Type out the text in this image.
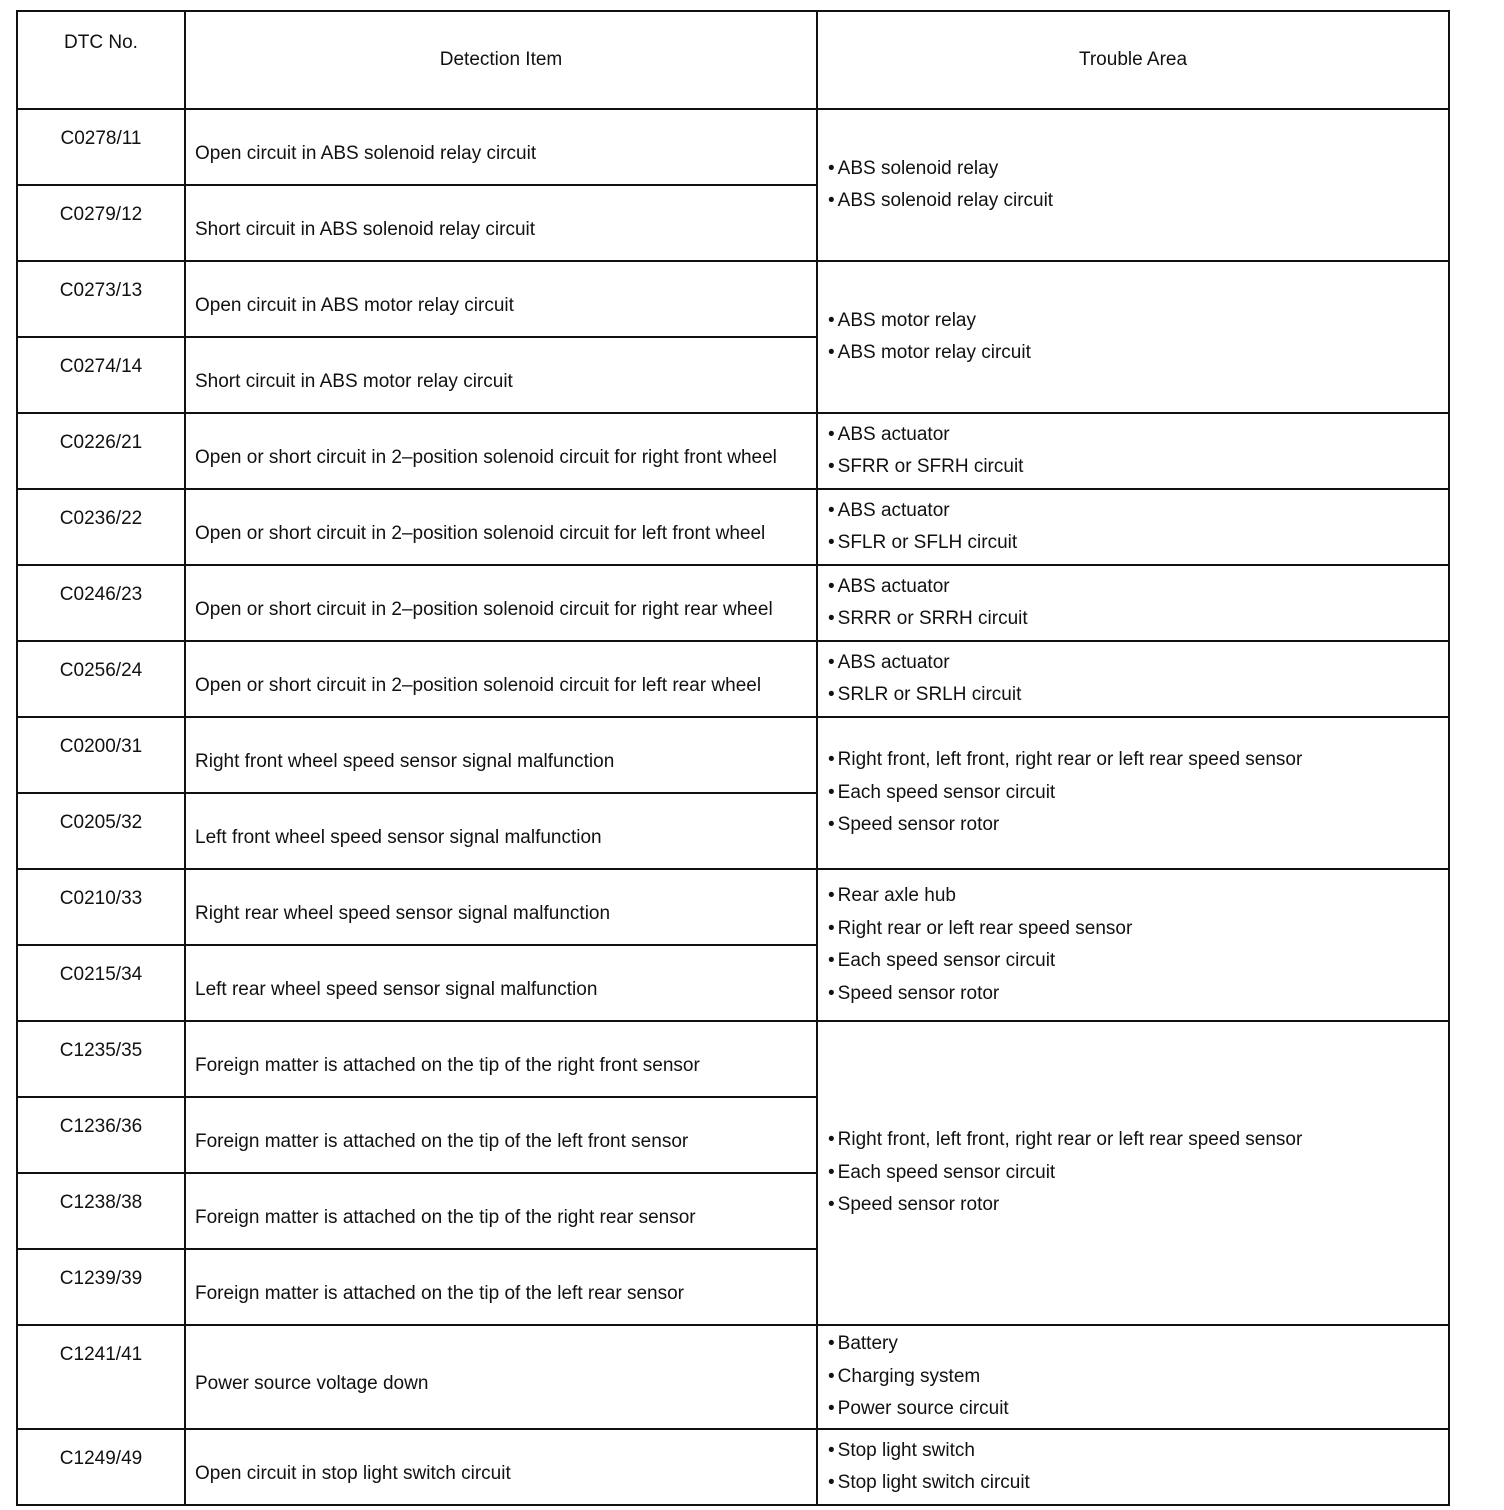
DTC No.	Detection Item	Trouble Area
C0278/11	Open circuit in ABS solenoid relay circuit	• ABS solenoid relay
• ABS solenoid relay circuit

C0279/12	Short circuit in ABS solenoid relay circuit	
C0273/13	Open circuit in ABS motor relay circuit	• ABS motor relay
• ABS motor relay circuit

C0274/14	Short circuit in ABS motor relay circuit	
C0226/21	Open or short circuit in 2–position solenoid circuit for right front wheel	• ABS actuator
• SFRR or SFRH circuit

C0236/22	Open or short circuit in 2–position solenoid circuit for left front wheel	• ABS actuator
• SFLR or SFLH circuit

C0246/23	Open or short circuit in 2–position solenoid circuit for right rear wheel	• ABS actuator
• SRRR or SRRH circuit

C0256/24	Open or short circuit in 2–position solenoid circuit for left rear wheel	• ABS actuator
• SRLR or SRLH circuit

C0200/31	Right front wheel speed sensor signal malfunction	• Right front, left front, right rear or left rear speed sensor
• Each speed sensor circuit
• Speed sensor rotor

C0205/32	Left front wheel speed sensor signal malfunction	
C0210/33	Right rear wheel speed sensor signal malfunction	• Rear axle hub
• Right rear or left rear speed sensor
• Each speed sensor circuit
• Speed sensor rotor

C0215/34	Left rear wheel speed sensor signal malfunction	
C1235/35	Foreign matter is attached on the tip of the right front sensor	• Right front, left front, right rear or left rear speed sensor
• Each speed sensor circuit
• Speed sensor rotor

C1236/36	Foreign matter is attached on the tip of the left front sensor	
C1238/38	Foreign matter is attached on the tip of the right rear sensor	
C1239/39	Foreign matter is attached on the tip of the left rear sensor	
C1241/41	Power source voltage down	• Battery
• Charging system
• Power source circuit

C1249/49	Open circuit in stop light switch circuit	• Stop light switch
• Stop light switch circuit
